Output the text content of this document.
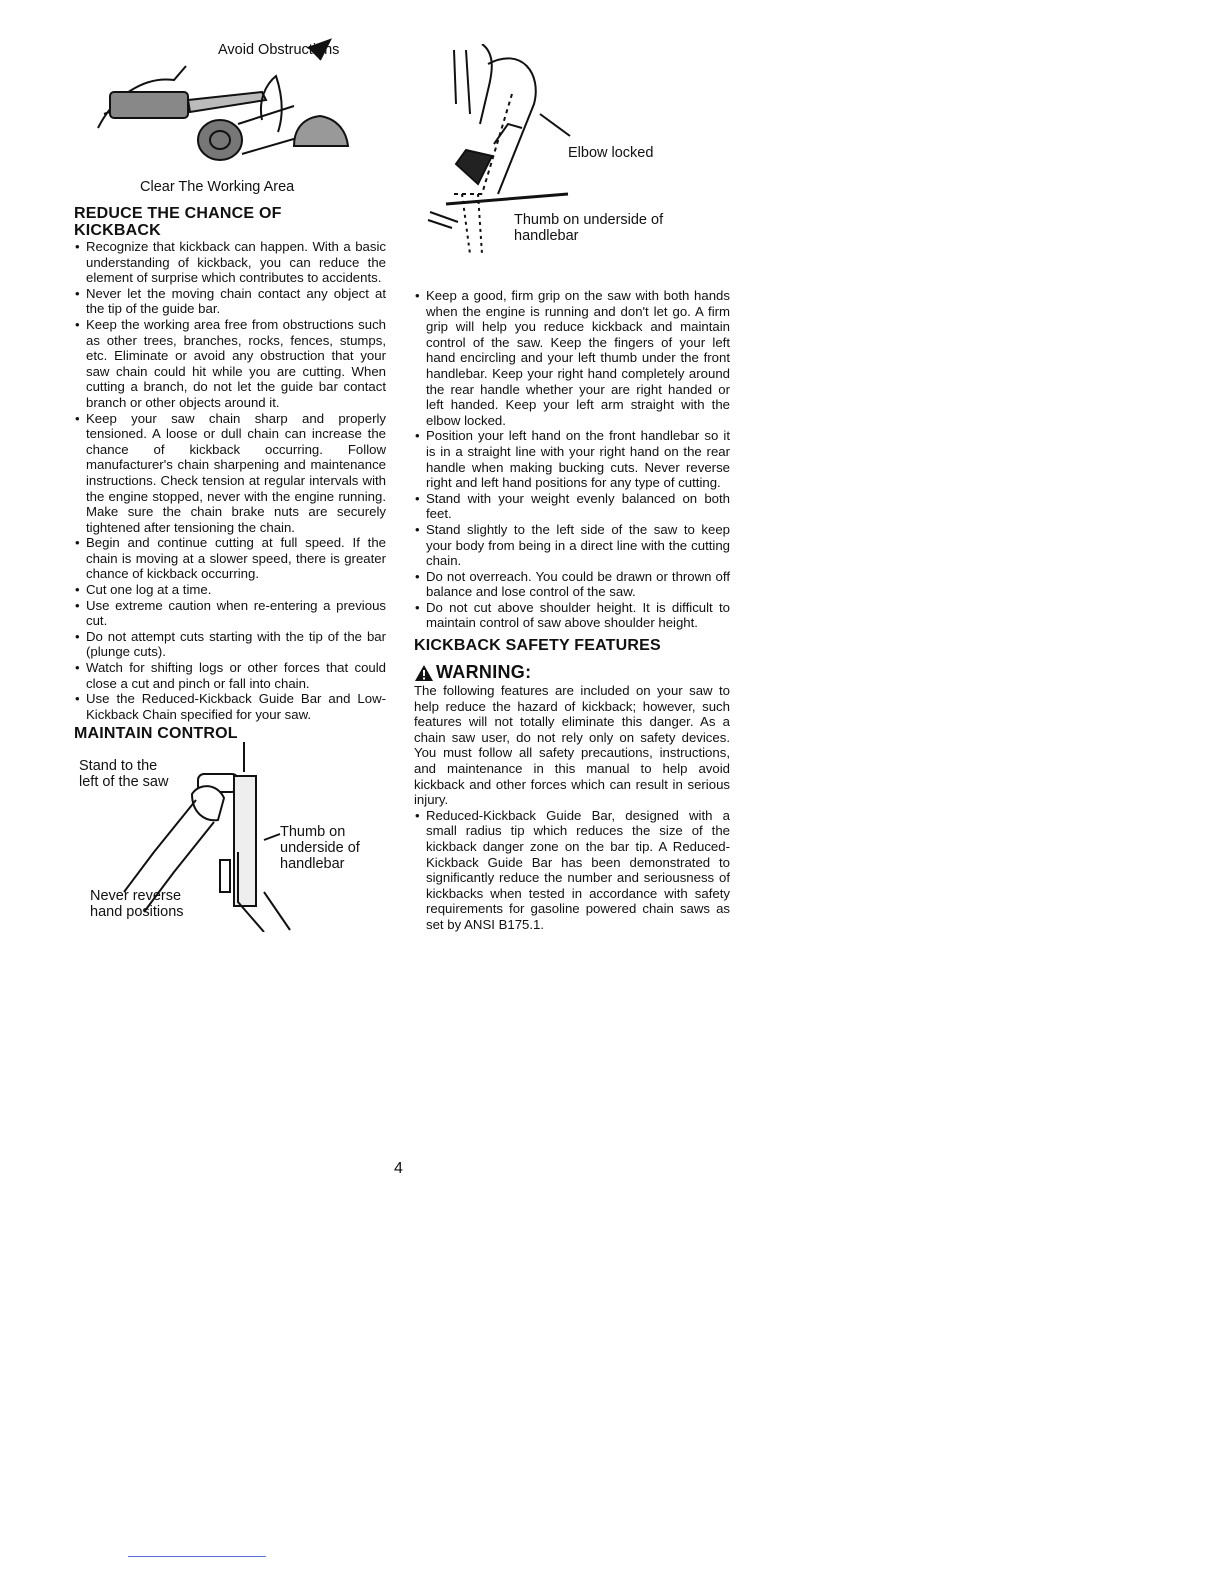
Avoid Obstructions
Clear The Working Area
REDUCE THE CHANCE OF KICKBACK
• Recognize that kickback can happen. With a basic understanding of kickback, you can reduce the element of surprise which contributes to accidents.
• Never let the moving chain contact any object at the tip of the guide bar.
• Keep the working area free from obstructions such as other trees, branches, rocks, fences, stumps, etc. Eliminate or avoid any obstruction that your saw chain could hit while you are cutting. When cutting a branch, do not let the guide bar contact branch or other objects around it.
• Keep your saw chain sharp and properly tensioned. A loose or dull chain can increase the chance of kickback occurring. Follow manufacturer's chain sharpening and maintenance instructions. Check tension at regular intervals with the engine stopped, never with the engine running. Make sure the chain brake nuts are securely tightened after tensioning the chain.
• Begin and continue cutting at full speed. If the chain is moving at a slower speed, there is greater chance of kickback occurring.
• Cut one log at a time.
• Use extreme caution when re-entering a previous cut.
• Do not attempt cuts starting with the tip of the bar (plunge cuts).
• Watch for shifting logs or other forces that could close a cut and pinch or fall into chain.
• Use the Reduced-Kickback Guide Bar and Low-Kickback Chain specified for your saw.
MAINTAIN CONTROL
Stand to the
left of the saw
Thumb on
underside of
handlebar
Never reverse
hand positions
Elbow locked
Thumb on underside of
handlebar
• Keep a good, firm grip on the saw with both hands when the engine is running and don't let go. A firm grip will help you reduce kickback and maintain control of the saw. Keep the fingers of your left hand encircling and your left thumb under the front handlebar. Keep your right hand completely around the rear handle whether your are right handed or left handed. Keep your left arm straight with the elbow locked.
• Position your left hand on the front handlebar so it is in a straight line with your right hand on the rear handle when making bucking cuts. Never reverse right and left hand positions for any type of cutting.
• Stand with your weight evenly balanced on both feet.
• Stand slightly to the left side of the saw to keep your body from being in a direct line with the cutting chain.
• Do not overreach. You could be drawn or thrown off balance and lose control of the saw.
• Do not cut above shoulder height. It is difficult to maintain control of saw above shoulder height.
KICKBACK SAFETY FEATURES
WARNING:

The following features are included on your saw to help reduce the hazard of kickback; however, such features will not totally eliminate this danger. As a chain saw user, do not rely only on safety devices. You must follow all safety precautions, instructions, and maintenance in this manual to help avoid kickback and other forces which can result in serious injury.

• Reduced-Kickback Guide Bar, designed with a small radius tip which reduces the size of the kickback danger zone on the bar tip. A Reduced-Kickback Guide Bar has been demonstrated to significantly reduce the number and seriousness of kickbacks when tested in accordance with safety requirements for gasoline powered chain saws as set by ANSI B175.1.
4
